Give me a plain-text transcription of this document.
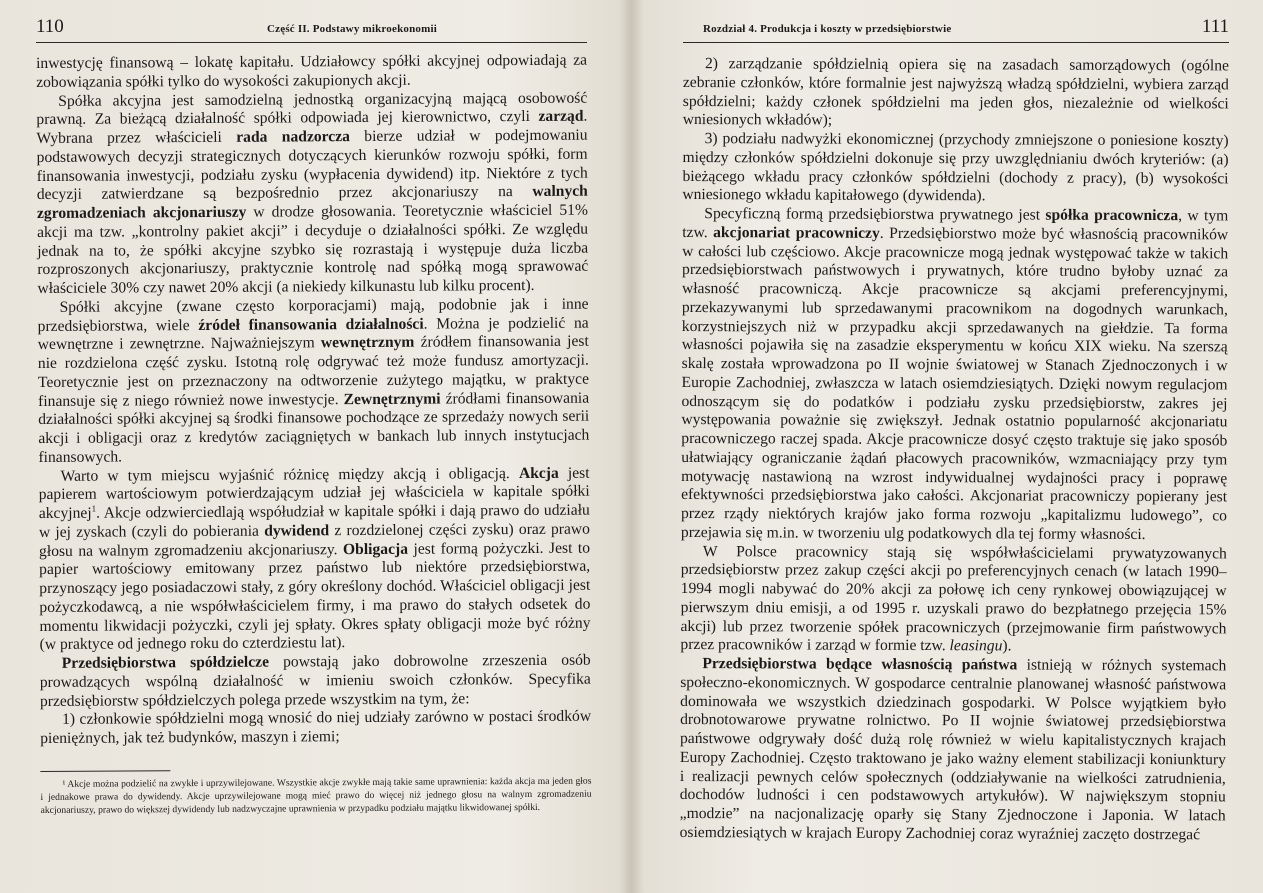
110	Część II. Podstawy mikroekonomii

inwestycję finansową – lokatę kapitału. Udziałowcy spółki akcyjnej odpowiadają za zobowiązania spółki tylko do wysokości zakupionych akcji.

Spółka akcyjna jest samodzielną jednostką organizacyjną mającą osobowość prawną. Za bieżącą działalność spółki odpowiada jej kierownictwo, czyli zarząd. Wybrana przez właścicieli rada nadzorcza bierze udział w podejmowaniu podstawowych decyzji strategicznych dotyczących kierunków rozwoju spółki, form finansowania inwestycji, podziału zysku (wypłacenia dywidend) itp. Niektóre z tych decyzji zatwierdzane są bezpośrednio przez akcjonariuszy na walnych zgromadzeniach akcjonariuszy w drodze głosowania. Teoretycznie właściciel 51% akcji ma tzw. „kontrolny pakiet akcji” i decyduje o działalności spółki. Ze względu jednak na to, że spółki akcyjne szybko się rozrastają i występuje duża liczba rozproszonych akcjonariuszy, praktycznie kontrolę nad spółką mogą sprawować właściciele 30% czy nawet 20% akcji (a niekiedy kilkunastu lub kilku procent).

Spółki akcyjne (zwane często korporacjami) mają, podobnie jak i inne przedsiębiorstwa, wiele źródeł finansowania działalności. Można je podzielić na wewnętrzne i zewnętrzne. Najważniejszym wewnętrznym źródłem finansowania jest nie rozdzielona część zysku. Istotną rolę odgrywać też może fundusz amortyzacji. Teoretycznie jest on przeznaczony na odtworzenie zużytego majątku, w praktyce finansuje się z niego również nowe inwestycje. Zewnętrznymi źródłami finansowania działalności spółki akcyjnej są środki finansowe pochodzące ze sprzedaży nowych serii akcji i obligacji oraz z kredytów zaciągniętych w bankach lub innych instytucjach finansowych.

Warto w tym miejscu wyjaśnić różnicę między akcją i obligacją. Akcja jest papierem wartościowym potwierdzającym udział jej właściciela w kapitale spółki akcyjnej$^1$. Akcje odzwierciedlają współudział w kapitale spółki i dają prawo do udziału w jej zyskach (czyli do pobierania dywidend z rozdzielonej części zysku) oraz prawo głosu na walnym zgromadzeniu akcjonariuszy. Obligacja jest formą pożyczki. Jest to papier wartościowy emitowany przez państwo lub niektóre przedsiębiorstwa, przynoszący jego posiadaczowi stały, z góry określony dochód. Właściciel obligacji jest pożyczkodawcą, a nie współwłaścicielem firmy, i ma prawo do stałych odsetek do momentu likwidacji pożyczki, czyli jej spłaty. Okres spłaty obligacji może być różny (w praktyce od jednego roku do czterdziestu lat).

Przedsiębiorstwa spółdzielcze powstają jako dobrowolne zrzeszenia osób prowadzących wspólną działalność w imieniu swoich członków. Specyfika przedsiębiorstw spółdzielczych polega przede wszystkim na tym, że:

1) członkowie spółdzielni mogą wnosić do niej udziały zarówno w postaci środków pieniężnych, jak też budynków, maszyn i ziemi;

¹ Akcje można podzielić na zwykłe i uprzywilejowane. Wszystkie akcje zwykłe mają takie same uprawnienia: każda akcja ma jeden głos i jednakowe prawa do dywidendy. Akcje uprzywilejowane mogą mieć prawo do więcej niż jednego głosu na walnym zgromadzeniu akcjonariuszy, prawo do większej dywidendy lub nadzwyczajne uprawnienia w przypadku podziału majątku likwidowanej spółki.

Rozdział 4. Produkcja i koszty w przedsiębiorstwie	111

2) zarządzanie spółdzielnią opiera się na zasadach samorządowych (ogólne zebranie członków, które formalnie jest najwyższą władzą spółdzielni, wybiera zarząd spółdzielni; każdy członek spółdzielni ma jeden głos, niezależnie od wielkości wniesionych wkładów);

3) podziału nadwyżki ekonomicznej (przychody zmniejszone o poniesione koszty) między członków spółdzielni dokonuje się przy uwzględnianiu dwóch kryteriów: (a) bieżącego wkładu pracy członków spółdzielni (dochody z pracy), (b) wysokości wniesionego wkładu kapitałowego (dywidenda).

Specyficzną formą przedsiębiorstwa prywatnego jest spółka pracownicza, w tym tzw. akcjonariat pracowniczy. Przedsiębiorstwo może być własnością pracowników w całości lub częściowo. Akcje pracownicze mogą jednak występować także w takich przedsiębiorstwach państwowych i prywatnych, które trudno byłoby uznać za własność pracowniczą. Akcje pracownicze są akcjami preferencyjnymi, przekazywanymi lub sprzedawanymi pracownikom na dogodnych warunkach, korzystniejszych niż w przypadku akcji sprzedawanych na giełdzie. Ta forma własności pojawiła się na zasadzie eksperymentu w końcu XIX wieku. Na szerszą skalę została wprowadzona po II wojnie światowej w Stanach Zjednoczonych i w Europie Zachodniej, zwłaszcza w latach osiemdziesiątych. Dzięki nowym regulacjom odnoszącym się do podatków i podziału zysku przedsiębiorstw, zakres jej występowania poważnie się zwiększył. Jednak ostatnio popularność akcjonariatu pracowniczego raczej spada. Akcje pracownicze dosyć często traktuje się jako sposób ułatwiający ograniczanie żądań płacowych pracowników, wzmacniający przy tym motywację nastawioną na wzrost indywidualnej wydajności pracy i poprawę efektywności przedsiębiorstwa jako całości. Akcjonariat pracowniczy popierany jest przez rządy niektórych krajów jako forma rozwoju „kapitalizmu ludowego”, co przejawia się m.in. w tworzeniu ulg podatkowych dla tej formy własności.

W Polsce pracownicy stają się współwłaścicielami prywatyzowanych przedsiębiorstw przez zakup części akcji po preferencyjnych cenach (w latach 1990–1994 mogli nabywać do 20% akcji za połowę ich ceny rynkowej obowiązującej w pierwszym dniu emisji, a od 1995 r. uzyskali prawo do bezpłatnego przejęcia 15% akcji) lub przez tworzenie spółek pracowniczych (przejmowanie firm państwowych przez pracowników i zarząd w formie tzw. leasingu).

Przedsiębiorstwa będące własnością państwa istnieją w różnych systemach społeczno-ekonomicznych. W gospodarce centralnie planowanej własność państwowa dominowała we wszystkich dziedzinach gospodarki. W Polsce wyjątkiem było drobnotowarowe prywatne rolnictwo. Po II wojnie światowej przedsiębiorstwa państwowe odgrywały dość dużą rolę również w wielu kapitalistycznych krajach Europy Zachodniej. Często traktowano je jako ważny element stabilizacji koniunktury i realizacji pewnych celów społecznych (oddziaływanie na wielkości zatrudnienia, dochodów ludności i cen podstawowych artykułów). W największym stopniu „modzie” na nacjonalizację oparły się Stany Zjednoczone i Japonia. W latach osiemdziesiątych w krajach Europy Zachodniej coraz wyraźniej zaczęto dostrzegać
